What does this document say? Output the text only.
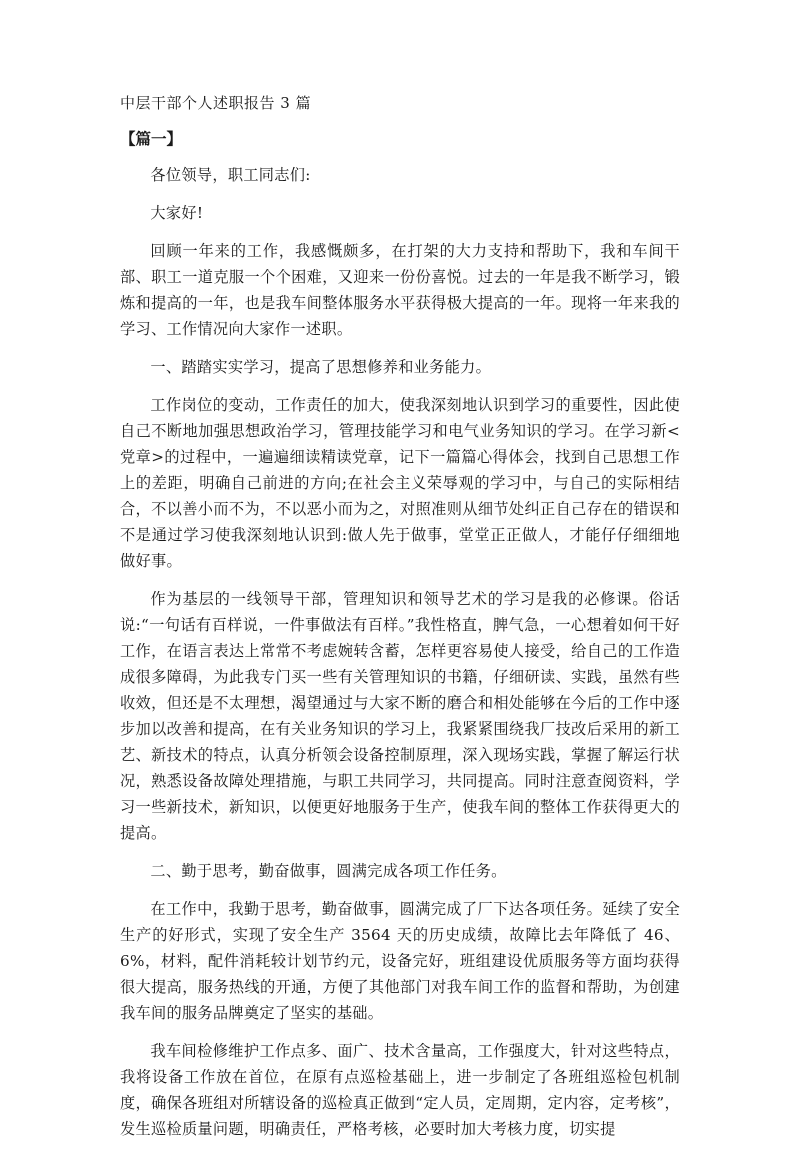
中层干部个人述职报告 3 篇
【篇一】

各位领导，职工同志们:

大家好!

回顾一年来的工作，我感慨颇多，在打架的大力支持和帮助下，我和车间干部、职工一道克服一个个困难，又迎来一份份喜悦。过去的一年是我不断学习，锻炼和提高的一年，也是我车间整体服务水平获得极大提高的一年。现将一年来我的学习、工作情况向大家作一述职。

一、踏踏实实学习，提高了思想修养和业务能力。

工作岗位的变动，工作责任的加大，使我深刻地认识到学习的重要性，因此使自己不断地加强思想政治学习，管理技能学习和电气业务知识的学习。在学习新<党章>的过程中，一遍遍细读精读党章，记下一篇篇心得体会，找到自己思想工作上的差距，明确自己前进的方向;在社会主义荣辱观的学习中，与自己的实际相结合，不以善小而不为，不以恶小而为之，对照准则从细节处纠正自己存在的错误和不是通过学习使我深刻地认识到:做人先于做事，堂堂正正做人，才能仔仔细细地做好事。

作为基层的一线领导干部，管理知识和领导艺术的学习是我的必修课。俗话说:“一句话有百样说，一件事做法有百样。”我性格直，脾气急，一心想着如何干好工作，在语言表达上常常不考虑婉转含蓄，怎样更容易使人接受，给自己的工作造成很多障碍，为此我专门买一些有关管理知识的书籍，仔细研读、实践，虽然有些收效，但还是不太理想，渴望通过与大家不断的磨合和相处能够在今后的工作中逐步加以改善和提高，在有关业务知识的学习上，我紧紧围绕我厂技改后采用的新工艺、新技术的特点，认真分析领会设备控制原理，深入现场实践，掌握了解运行状况，熟悉设备故障处理措施，与职工共同学习，共同提高。同时注意查阅资料，学习一些新技术，新知识，以便更好地服务于生产，使我车间的整体工作获得更大的提高。

二、勤于思考，勤奋做事，圆满完成各项工作任务。

在工作中，我勤于思考，勤奋做事，圆满完成了厂下达各项任务。延续了安全生产的好形式，实现了安全生产 3564 天的历史成绩，故障比去年降低了 46、6%，材料，配件消耗较计划节约元，设备完好，班组建设优质服务等方面均获得很大提高，服务热线的开通，方便了其他部门对我车间工作的监督和帮助，为创建我车间的服务品牌奠定了坚实的基础。

我车间检修维护工作点多、面广、技术含量高，工作强度大，针对这些特点，我将设备工作放在首位，在原有点巡检基础上，进一步制定了各班组巡检包机制度，确保各班组对所辖设备的巡检真正做到“定人员，定周期，定内容，定考核”，发生巡检质量问题，明确责任，严格考核，必要时加大考核力度，切实提
